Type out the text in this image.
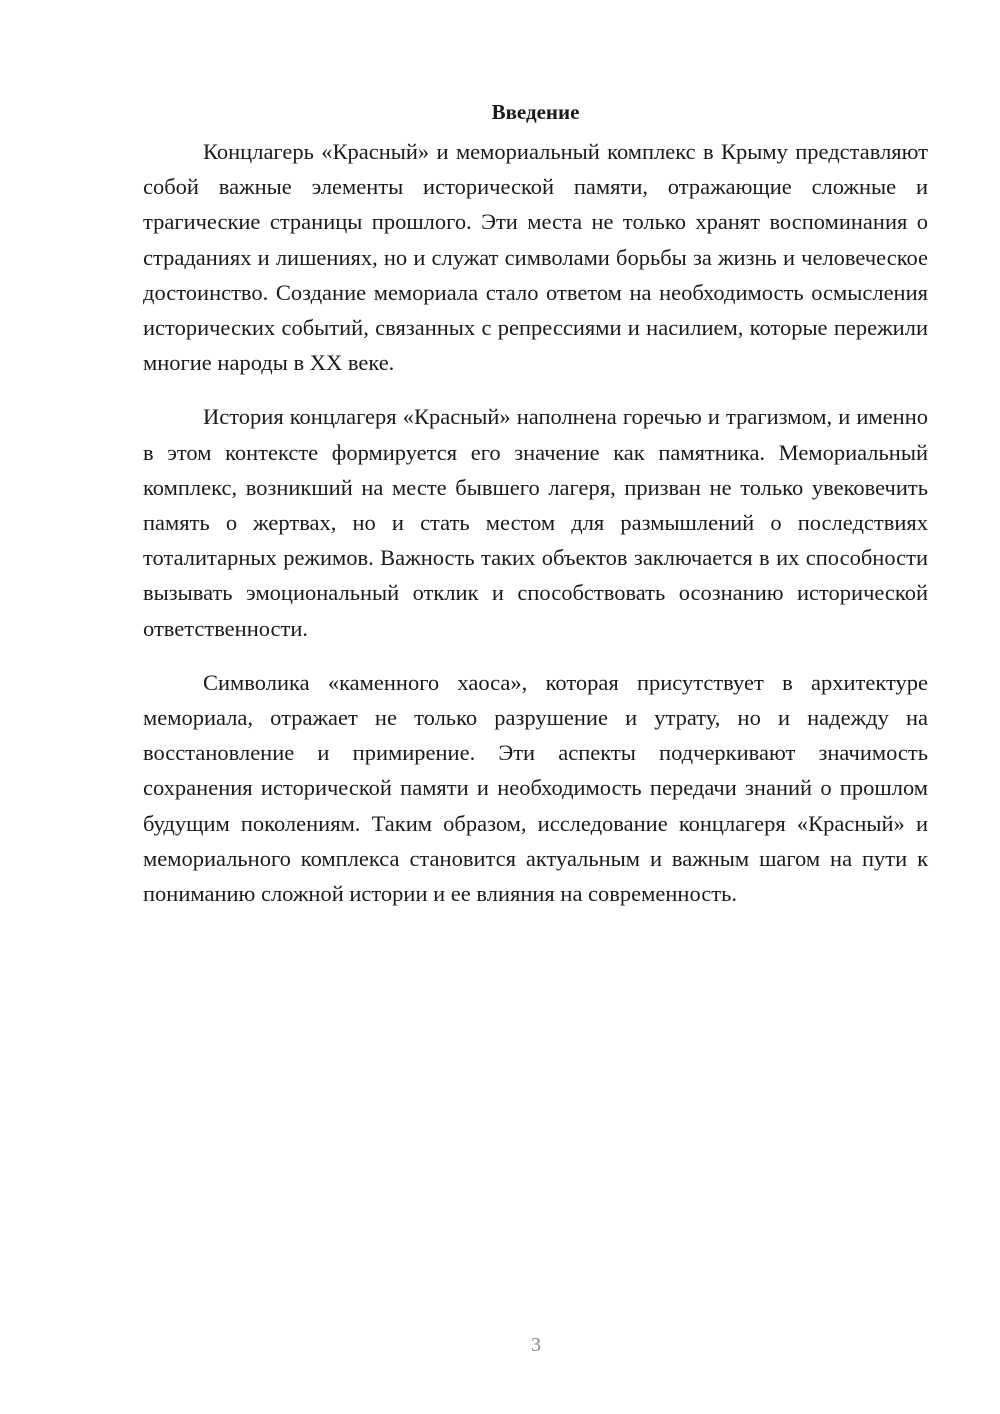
Введение

Концлагерь «Красный» и мемориальный комплекс в Крыму представляют собой важные элементы исторической памяти, отражающие сложные и трагические страницы прошлого. Эти места не только хранят воспоминания о страданиях и лишениях, но и служат символами борьбы за жизнь и человеческое достоинство. Создание мемориала стало ответом на необходимость осмысления исторических событий, связанных с репрессиями и насилием, которые пережили многие народы в XX веке.

История концлагеря «Красный» наполнена горечью и трагизмом, и именно в этом контексте формируется его значение как памятника. Мемориальный комплекс, возникший на месте бывшего лагеря, призван не только увековечить память о жертвах, но и стать местом для размышлений о последствиях тоталитарных режимов. Важность таких объектов заключается в их способности вызывать эмоциональный отклик и способствовать осознанию исторической ответственности.

Символика «каменного хаоса», которая присутствует в архитектуре мемориала, отражает не только разрушение и утрату, но и надежду на восстановление и примирение. Эти аспекты подчеркивают значимость сохранения исторической памяти и необходимость передачи знаний о прошлом будущим поколениям. Таким образом, исследование концлагеря «Красный» и мемориального комплекса становится актуальным и важным шагом на пути к пониманию сложной истории и ее влияния на современность.

3
